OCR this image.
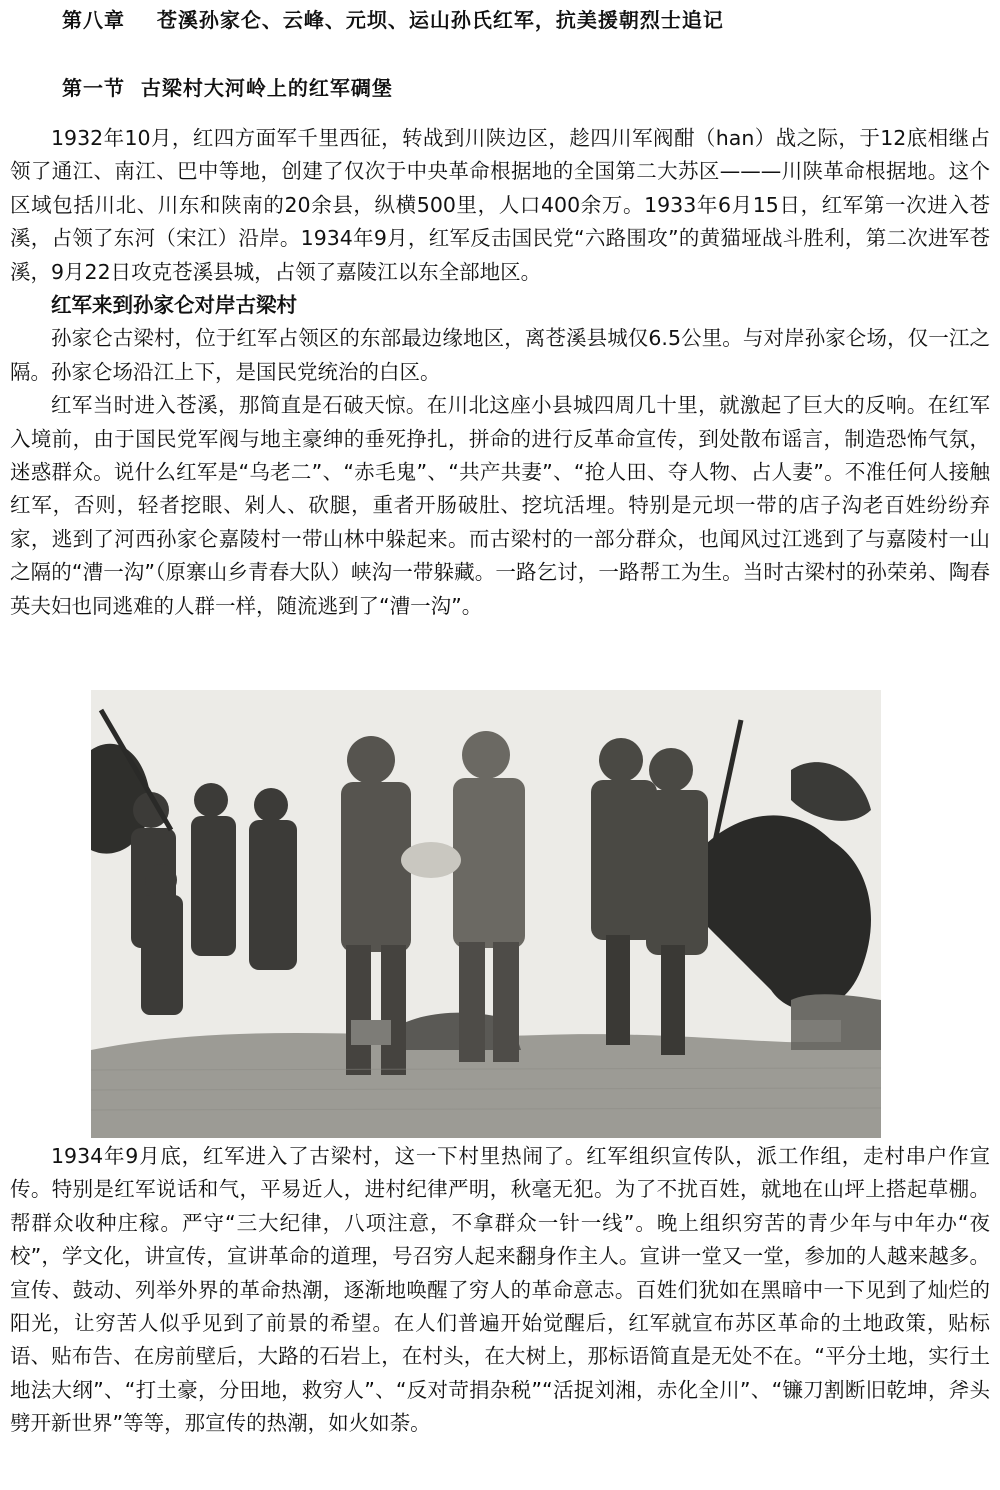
第八章    苍溪孙家仑、云峰、元坝、运山孙氏红军，抗美援朝烈士追记
第一节  古梁村大河岭上的红军碉堡

1932年10月，红四方面军千里西征，转战到川陕边区，趁四川军阀酣（han）战之际，于12底相继占领了通江、南江、巴中等地，创建了仅次于中央革命根据地的全国第二大苏区———川陕革命根据地。这个区域包括川北、川东和陕南的20余县，纵横500里，人口400余万。1933年6月15日，红军第一次进入苍溪，占领了东河（宋江）沿岸。1934年9月，红军反击国民党“六路围攻”的黄猫垭战斗胜利，第二次进军苍溪，9月22日攻克苍溪县城，占领了嘉陵江以东全部地区。

红军来到孙家仑对岸古梁村

孙家仑古梁村，位于红军占领区的东部最边缘地区，离苍溪县城仅6.5公里。与对岸孙家仑场，仅一江之隔。孙家仑场沿江上下，是国民党统治的白区。

红军当时进入苍溪，那简直是石破天惊。在川北这座小县城四周几十里，就激起了巨大的反响。在红军入境前，由于国民党军阀与地主豪绅的垂死挣扎，拼命的进行反革命宣传，到处散布谣言，制造恐怖气氛，迷惑群众。说什么红军是“乌老二”、“赤毛鬼”、“共产共妻”、“抢人田、夺人物、占人妻”。不准任何人接触红军，否则，轻者挖眼、剁人、砍腿，重者开肠破肚、挖坑活埋。特别是元坝一带的店子沟老百姓纷纷弃家，逃到了河西孙家仑嘉陵村一带山林中躲起来。而古梁村的一部分群众，也闻风过江逃到了与嘉陵村一山之隔的“漕一沟”（原寨山乡青春大队）峡沟一带躲藏。一路乞讨，一路帮工为生。当时古梁村的孙荣弟、陶春英夫妇也同逃难的人群一样，随流逃到了“漕一沟”。

1934年9月底，红军进入了古梁村，这一下村里热闹了。红军组织宣传队，派工作组，走村串户作宣传。特别是红军说话和气，平易近人，进村纪律严明，秋毫无犯。为了不扰百姓，就地在山坪上搭起草棚。帮群众收种庄稼。严守“三大纪律，八项注意，不拿群众一针一线”。晚上组织穷苦的青少年与中年办“夜校”，学文化，讲宣传，宣讲革命的道理，号召穷人起来翻身作主人。宣讲一堂又一堂，参加的人越来越多。宣传、鼓动、列举外界的革命热潮，逐渐地唤醒了穷人的革命意志。百姓们犹如在黑暗中一下见到了灿烂的阳光，让穷苦人似乎见到了前景的希望。在人们普遍开始觉醒后，红军就宣布苏区革命的土地政策，贴标语、贴布告、在房前壁后，大路的石岩上，在村头，在大树上，那标语简直是无处不在。“平分土地，实行土地法大纲”、“打土豪，分田地，救穷人”、“反对苛捐杂税”“活捉刘湘，赤化全川”、“镰刀割断旧乾坤，斧头劈开新世界”等等，那宣传的热潮，如火如荼。
